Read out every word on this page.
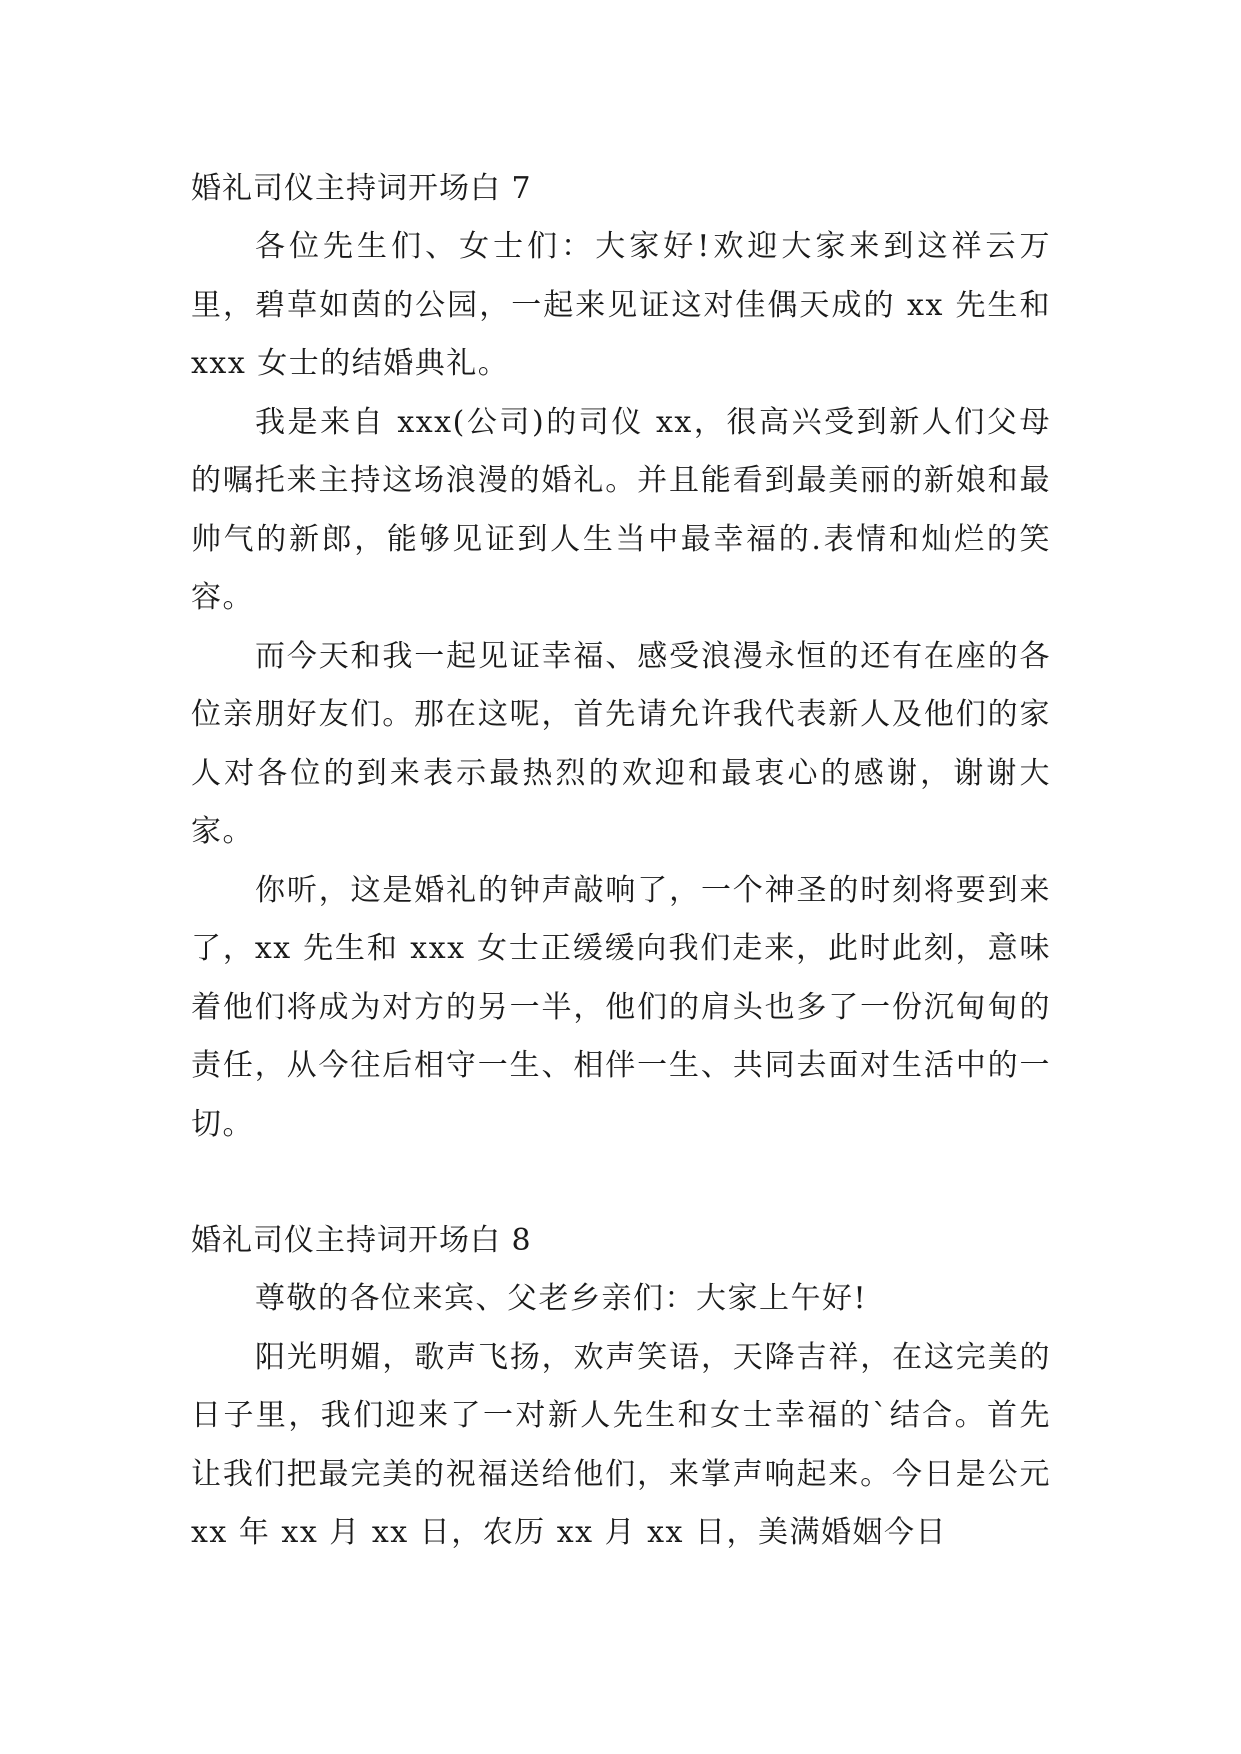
婚礼司仪主持词开场白 7

各位先生们、女士们：大家好!欢迎大家来到这祥云万里，碧草如茵的公园，一起来见证这对佳偶天成的 xx 先生和 xxx 女士的结婚典礼。

我是来自 xxx(公司)的司仪 xx，很高兴受到新人们父母的嘱托来主持这场浪漫的婚礼。并且能看到最美丽的新娘和最帅气的新郎，能够见证到人生当中最幸福的.表情和灿烂的笑容。

而今天和我一起见证幸福、感受浪漫永恒的还有在座的各位亲朋好友们。那在这呢，首先请允许我代表新人及他们的家人对各位的到来表示最热烈的欢迎和最衷心的感谢，谢谢大家。

你听，这是婚礼的钟声敲响了，一个神圣的时刻将要到来了，xx 先生和 xxx 女士正缓缓向我们走来，此时此刻，意味着他们将成为对方的另一半，他们的肩头也多了一份沉甸甸的责任，从今往后相守一生、相伴一生、共同去面对生活中的一切。

婚礼司仪主持词开场白 8

尊敬的各位来宾、父老乡亲们：大家上午好!

阳光明媚，歌声飞扬，欢声笑语，天降吉祥，在这完美的日子里，我们迎来了一对新人先生和女士幸福的`结合。首先让我们把最完美的祝福送给他们，来掌声响起来。今日是公元 xx 年 xx 月 xx 日，农历 xx 月 xx 日，美满婚姻今日
